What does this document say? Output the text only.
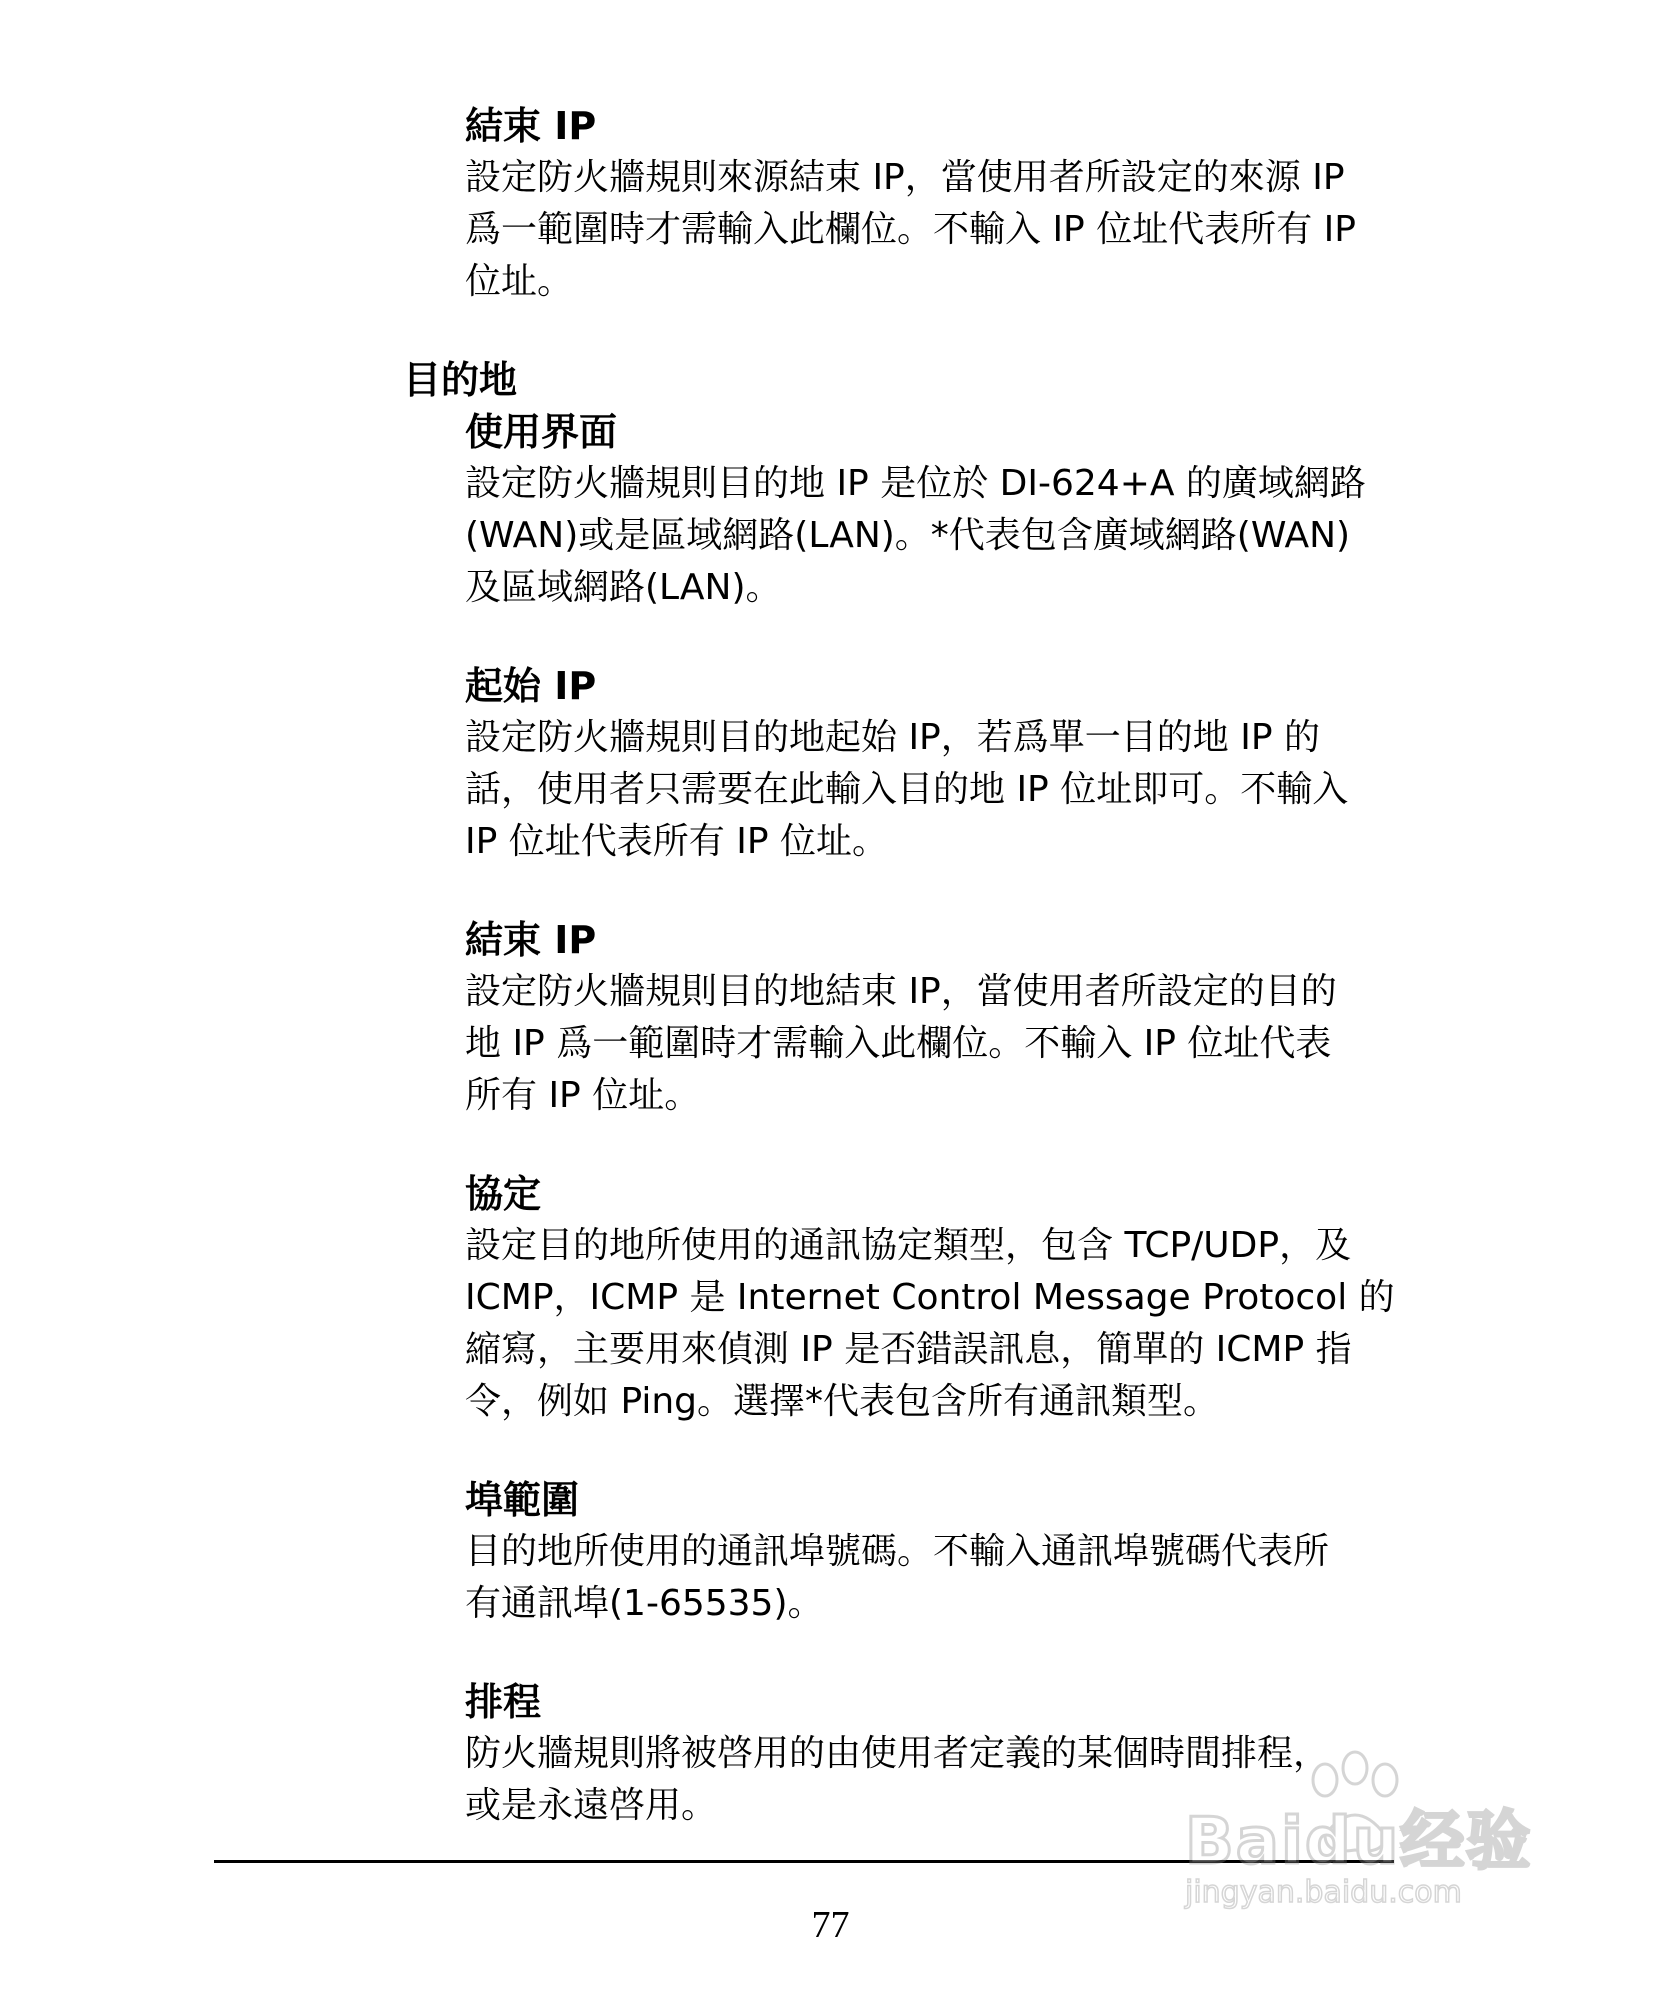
結束 IP

設定防火牆規則來源結束 IP，當使用者所設定的來源 IP
爲一範圍時才需輸入此欄位。不輸入 IP 位址代表所有 IP
位址。

目的地
使用界面

設定防火牆規則目的地 IP 是位於 DI-624+A 的廣域網路
(WAN)或是區域網路(LAN)。*代表包含廣域網路(WAN)
及區域網路(LAN)。

起始 IP

設定防火牆規則目的地起始 IP，若爲單一目的地 IP 的
話，使用者只需要在此輸入目的地 IP 位址即可。不輸入
IP 位址代表所有 IP 位址。

結束 IP

設定防火牆規則目的地結束 IP，當使用者所設定的目的
地 IP 爲一範圍時才需輸入此欄位。不輸入 IP 位址代表
所有 IP 位址。

協定

設定目的地所使用的通訊協定類型，包含 TCP/UDP，及
ICMP，ICMP 是 Internet Control Message Protocol 的
縮寫，主要用來偵測 IP 是否錯誤訊息，簡單的 ICMP 指
令，例如 Ping。選擇*代表包含所有通訊類型。

埠範圍

目的地所使用的通訊埠號碼。不輸入通訊埠號碼代表所
有通訊埠(1-65535)。

排程

防火牆規則將被啓用的由使用者定義的某個時間排程，
或是永遠啓用。

77
Baidu经验
jingyan.baidu.com
